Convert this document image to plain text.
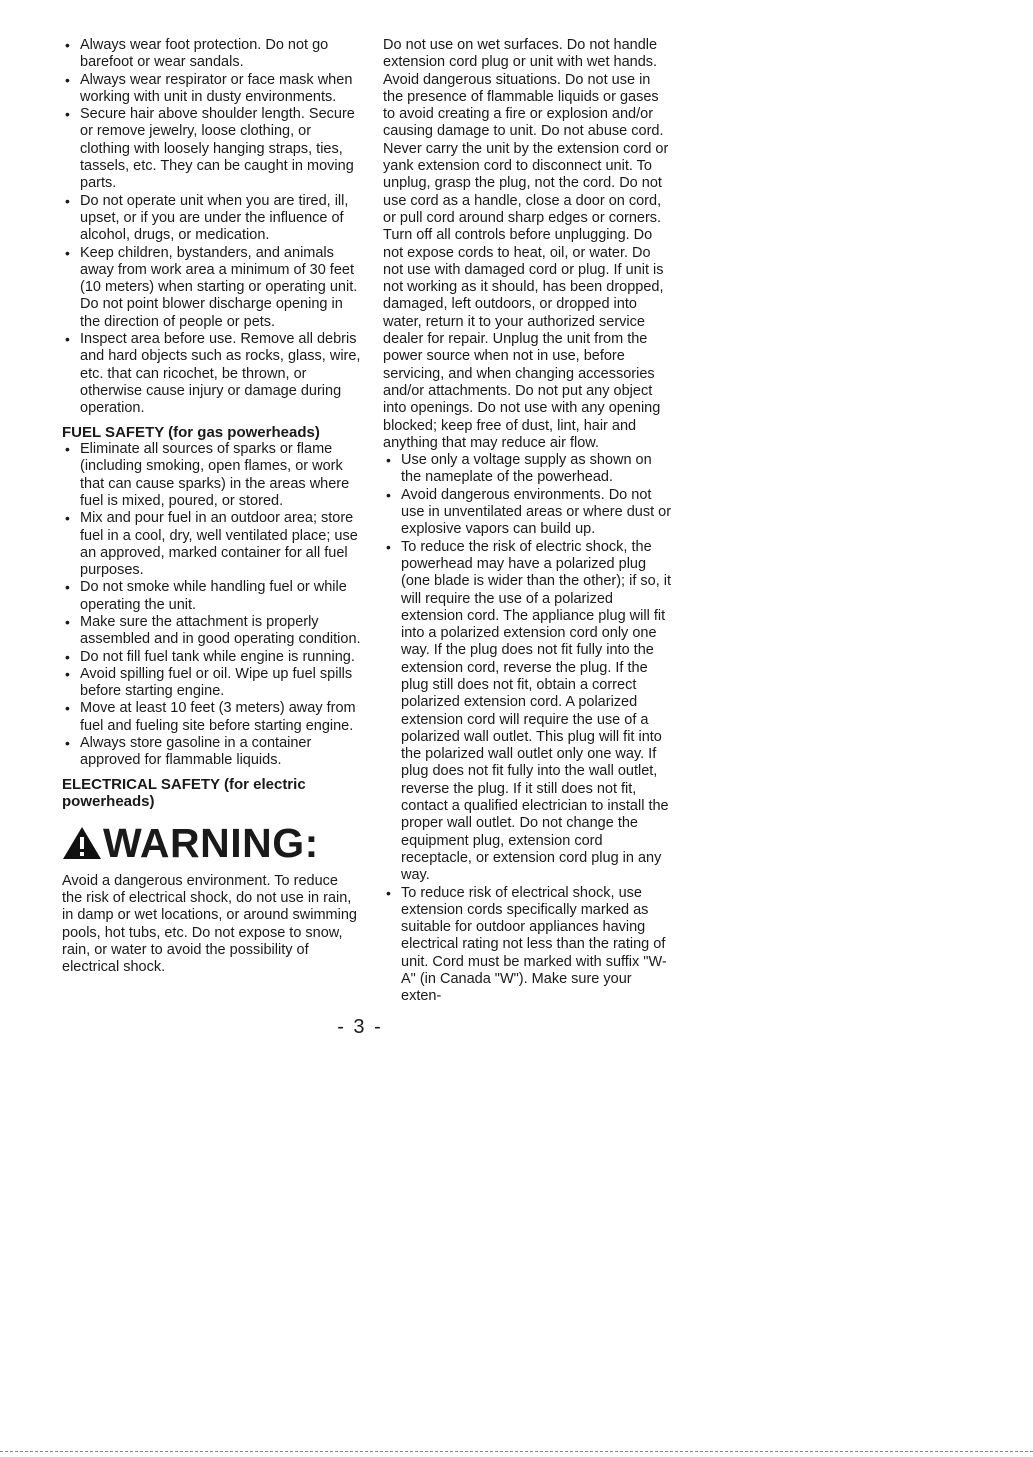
• Always wear foot protection. Do not go barefoot or wear sandals.
• Always wear respirator or face mask when working with unit in dusty environments.
• Secure hair above shoulder length. Secure or remove jewelry, loose clothing, or clothing with loosely hanging straps, ties, tassels, etc. They can be caught in moving parts.
• Do not operate unit when you are tired, ill, upset, or if you are under the influence of alcohol, drugs, or medication.
• Keep children, bystanders, and animals away from work area a minimum of 30 feet (10 meters) when starting or operating unit. Do not point blower discharge opening in the direction of people or pets.
• Inspect area before use. Remove all debris and hard objects such as rocks, glass, wire, etc. that can ricochet, be thrown, or otherwise cause injury or damage during operation.
FUEL SAFETY (for gas powerheads)
• Eliminate all sources of sparks or flame (including smoking, open flames, or work that can cause sparks) in the areas where fuel is mixed, poured, or stored.
• Mix and pour fuel in an outdoor area; store fuel in a cool, dry, well ventilated place; use an approved, marked container for all fuel purposes.
• Do not smoke while handling fuel or while operating the unit.
• Make sure the attachment is properly assembled and in good operating condition.
• Do not fill fuel tank while engine is running.
• Avoid spilling fuel or oil. Wipe up fuel spills before starting engine.
• Move at least 10 feet (3 meters) away from fuel and fueling site before starting engine.
• Always store gasoline in a container approved for flammable liquids.
ELECTRICAL SAFETY (for electric powerheads)
WARNING:

Avoid a dangerous environment. To reduce the risk of electrical shock, do not use in rain, in damp or wet locations, or around swimming pools, hot tubs, etc. Do not expose to snow, rain, or water to avoid the possibility of electrical shock.

Do not use on wet surfaces. Do not handle extension cord plug or unit with wet hands. Avoid dangerous situations. Do not use in the presence of flammable liquids or gases to avoid creating a fire or explosion and/or causing damage to unit. Do not abuse cord. Never carry the unit by the extension cord or yank extension cord to disconnect unit. To unplug, grasp the plug, not the cord. Do not use cord as a handle, close a door on cord, or pull cord around sharp edges or corners. Turn off all controls before unplugging. Do not expose cords to heat, oil, or water. Do not use with damaged cord or plug. If unit is not working as it should, has been dropped, damaged, left outdoors, or dropped into water, return it to your authorized service dealer for repair. Unplug the unit from the power source when not in use, before servicing, and when changing accessories and/or attachments. Do not put any object into openings. Do not use with any opening blocked; keep free of dust, lint, hair and anything that may reduce air flow.

• Use only a voltage supply as shown on the nameplate of the powerhead.
• Avoid dangerous environments. Do not use in unventilated areas or where dust or explosive vapors can build up.
• To reduce the risk of electric shock, the powerhead may have a polarized plug (one blade is wider than the other); if so, it will require the use of a polarized extension cord. The appliance plug will fit into a polarized extension cord only one way. If the plug does not fit fully into the extension cord, reverse the plug. If the plug still does not fit, obtain a correct polarized extension cord. A polarized extension cord will require the use of a polarized wall outlet. This plug will fit into the polarized wall outlet only one way. If plug does not fit fully into the wall outlet, reverse the plug. If it still does not fit, contact a qualified electrician to install the proper wall outlet. Do not change the equipment plug, extension cord receptacle, or extension cord plug in any way.
• To reduce risk of electrical shock, use extension cords specifically marked as suitable for outdoor appliances having electrical rating not less than the rating of unit. Cord must be marked with suffix "W-A" (in Canada "W"). Make sure your exten-
- 3 -
